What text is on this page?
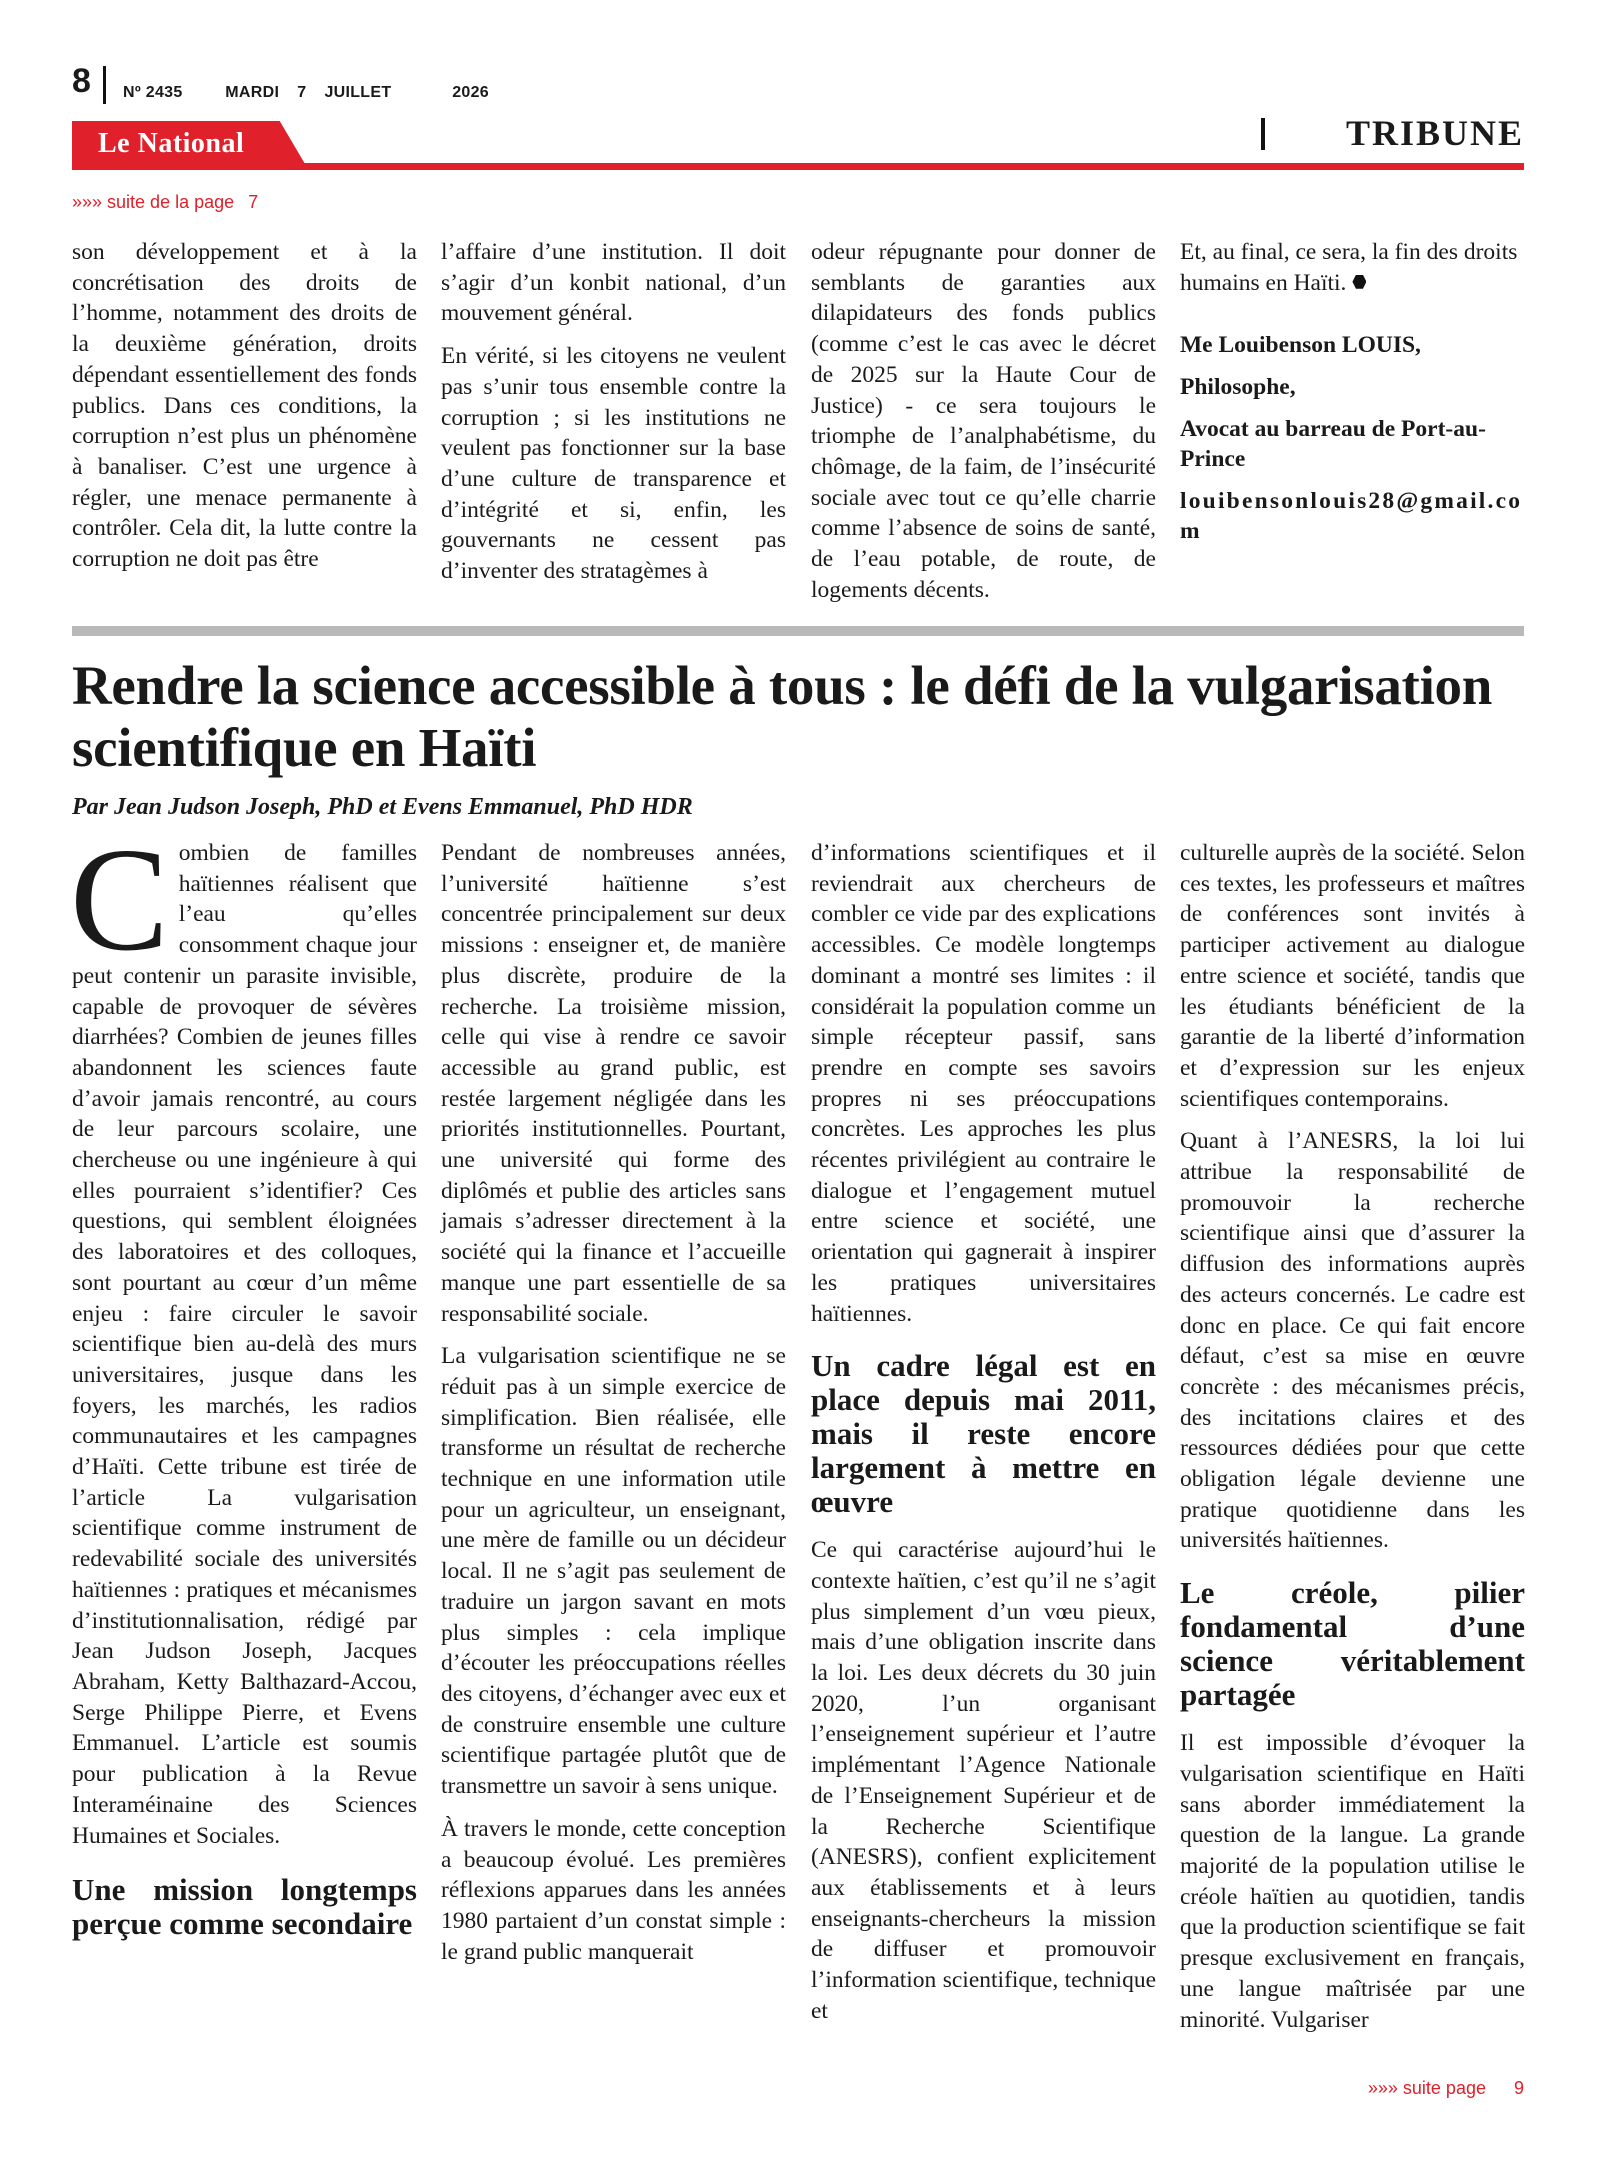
8 Nº 2435	MARDI 7 JUILLET	2026
TRIBUNE
Le National
»»» suite de la page 7

son développement et à la concrétisation des droits de l’homme, notamment des droits de la deuxième génération, droits dépendant essentiellement des fonds publics. Dans ces conditions, la corruption n’est plus un phénomène à banaliser. C’est une urgence à régler, une menace permanente à contrôler. Cela dit, la lutte contre la corruption ne doit pas être

l’affaire d’une institution. Il doit s’agir d’un konbit national, d’un mouvement général.

En vérité, si les citoyens ne veulent pas s’unir tous ensemble contre la corruption ; si les institutions ne veulent pas fonctionner sur la base d’une culture de transparence et d’intégrité et si, enfin, les gouvernants ne cessent pas d’inventer des stratagèmes à

odeur répugnante pour donner de semblants de garanties aux dilapidateurs des fonds publics (comme c’est le cas avec le décret de 2025 sur la Haute Cour de Justice) - ce sera toujours le triomphe de l’analphabétisme, du chômage, de la faim, de l’insécurité sociale avec tout ce qu’elle charrie comme l’absence de soins de santé, de l’eau potable, de route, de logements décents.

Et, au final, ce sera, la fin des droits humains en Haïti.

Me Louibenson LOUIS,

Philosophe,

Avocat au barreau de Port-au-Prince

louibensonlouis28@gmail.com

Rendre la science accessible à tous : le défi de la vulgarisation scientifique en Haïti
Par Jean Judson Joseph, PhD et Evens Emmanuel, PhD HDR

Combien de familles haïtiennes réalisent que l’eau qu’elles consomment chaque jour peut contenir un parasite invisible, capable de provoquer de sévères diarrhées? Combien de jeunes filles abandonnent les sciences faute d’avoir jamais rencontré, au cours de leur parcours scolaire, une chercheuse ou une ingénieure à qui elles pourraient s’identifier? Ces questions, qui semblent éloignées des laboratoires et des colloques, sont pourtant au cœur d’un même enjeu : faire circuler le savoir scientifique bien au-delà des murs universitaires, jusque dans les foyers, les marchés, les radios communautaires et les campagnes d’Haïti. Cette tribune est tirée de l’article La vulgarisation scientifique comme instrument de redevabilité sociale des universités haïtiennes : pratiques et mécanismes d’institutionnalisation, rédigé par Jean Judson Joseph, Jacques Abraham, Ketty Balthazard-Accou, Serge Philippe Pierre, et Evens Emmanuel. L’article est soumis pour publication à la Revue Interaméinaine des Sciences Humaines et Sociales.

Une mission longtemps perçue comme secondaire

Pendant de nombreuses années, l’université haïtienne s’est concentrée principalement sur deux missions : enseigner et, de manière plus discrète, produire de la recherche. La troisième mission, celle qui vise à rendre ce savoir accessible au grand public, est restée largement négligée dans les priorités institutionnelles. Pourtant, une université qui forme des diplômés et publie des articles sans jamais s’adresser directement à la société qui la finance et l’accueille manque une part essentielle de sa responsabilité sociale.

La vulgarisation scientifique ne se réduit pas à un simple exercice de simplification. Bien réalisée, elle transforme un résultat de recherche technique en une information utile pour un agriculteur, un enseignant, une mère de famille ou un décideur local. Il ne s’agit pas seulement de traduire un jargon savant en mots plus simples : cela implique d’écouter les préoccupations réelles des citoyens, d’échanger avec eux et de construire ensemble une culture scientifique partagée plutôt que de transmettre un savoir à sens unique.

À travers le monde, cette conception a beaucoup évolué. Les premières réflexions apparues dans les années 1980 partaient d’un constat simple : le grand public manquerait

d’informations scientifiques et il reviendrait aux chercheurs de combler ce vide par des explications accessibles. Ce modèle longtemps dominant a montré ses limites : il considérait la population comme un simple récepteur passif, sans prendre en compte ses savoirs propres ni ses préoccupations concrètes. Les approches les plus récentes privilégient au contraire le dialogue et l’engagement mutuel entre science et société, une orientation qui gagnerait à inspirer les pratiques universitaires haïtiennes.

Un cadre légal est en place depuis mai 2011, mais il reste encore largement à mettre en œuvre

Ce qui caractérise aujourd’hui le contexte haïtien, c’est qu’il ne s’agit plus simplement d’un vœu pieux, mais d’une obligation inscrite dans la loi. Les deux décrets du 30 juin 2020, l’un organisant l’enseignement supérieur et l’autre implémentant l’Agence Nationale de l’Enseignement Supérieur et de la Recherche Scientifique (ANESRS), confient explicitement aux établissements et à leurs enseignants-chercheurs la mission de diffuser et promouvoir l’information scientifique, technique et

culturelle auprès de la société. Selon ces textes, les professeurs et maîtres de conférences sont invités à participer activement au dialogue entre science et société, tandis que les étudiants bénéficient de la garantie de la liberté d’information et d’expression sur les enjeux scientifiques contemporains.

Quant à l’ANESRS, la loi lui attribue la responsabilité de promouvoir la recherche scientifique ainsi que d’assurer la diffusion des informations auprès des acteurs concernés. Le cadre est donc en place. Ce qui fait encore défaut, c’est sa mise en œuvre concrète : des mécanismes précis, des incitations claires et des ressources dédiées pour que cette obligation légale devienne une pratique quotidienne dans les universités haïtiennes.

Le créole, pilier fondamental d’une science véritablement partagée

Il est impossible d’évoquer la vulgarisation scientifique en Haïti sans aborder immédiatement la question de la langue. La grande majorité de la population utilise le créole haïtien au quotidien, tandis que la production scientifique se fait presque exclusivement en français, une langue maîtrisée par une minorité. Vulgariser

»»» suite page 9
